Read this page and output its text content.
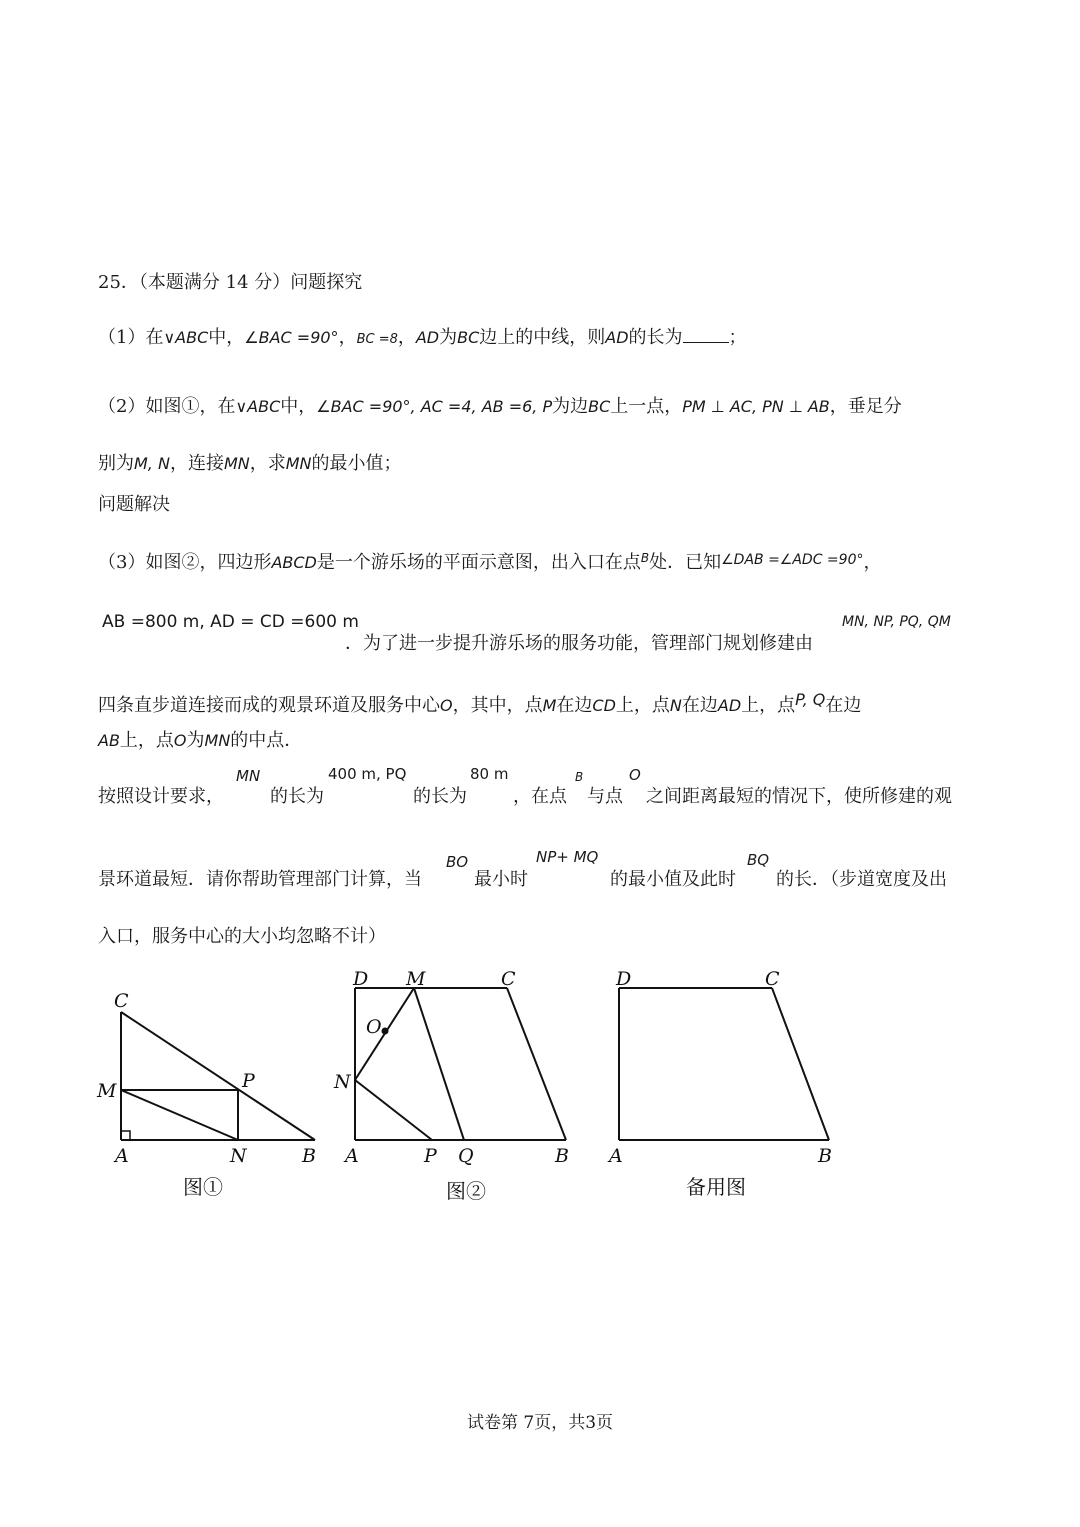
25．（本题满分 14 分）问题探究
（1）在∨ABC中，∠BAC =90°，BC =8，AD为BC边上的中线，则AD的长为	；
（2）如图①，在∨ABC中，∠BAC =90°, AC =4, AB =6, P为边BC上一点，PM ⊥ AC, PN ⊥ AB，垂足分
别为M, N，连接MN，求MN的最小值；
问题解决
（3）如图②，四边形ABCD是一个游乐场的平面示意图，出入口在点$^B$处．已知$^{\angle DAB =\angle ADC =90^\circ}$，
AB =800 m, AD = CD =600 m
．为了进一步提升游乐场的服务功能，管理部门规划修建由
MN, NP, PQ, QM
四条直步道连接而成的观景环道及服务中心O，其中，点M在边CD上，点N在边AD上，点P, Q在边
AB上，点O为MN的中点．
按照设计要求，
MN
的长为
400 m, PQ
的长为
80 m
，在点
B
与点
O
之间距离最短的情况下，使所修建的观
景环道最短．请你帮助管理部门计算，当
BO
最小时
NP+ MQ
的最小值及此时
BQ
的长．（步道宽度及出
入口，服务中心的大小均忽略不计）
C
M	P
A	N	B
图①
D M	C
O
N
A	P Q	B
图②
D	C
A	B
备用图
试卷第 7页，共3页
